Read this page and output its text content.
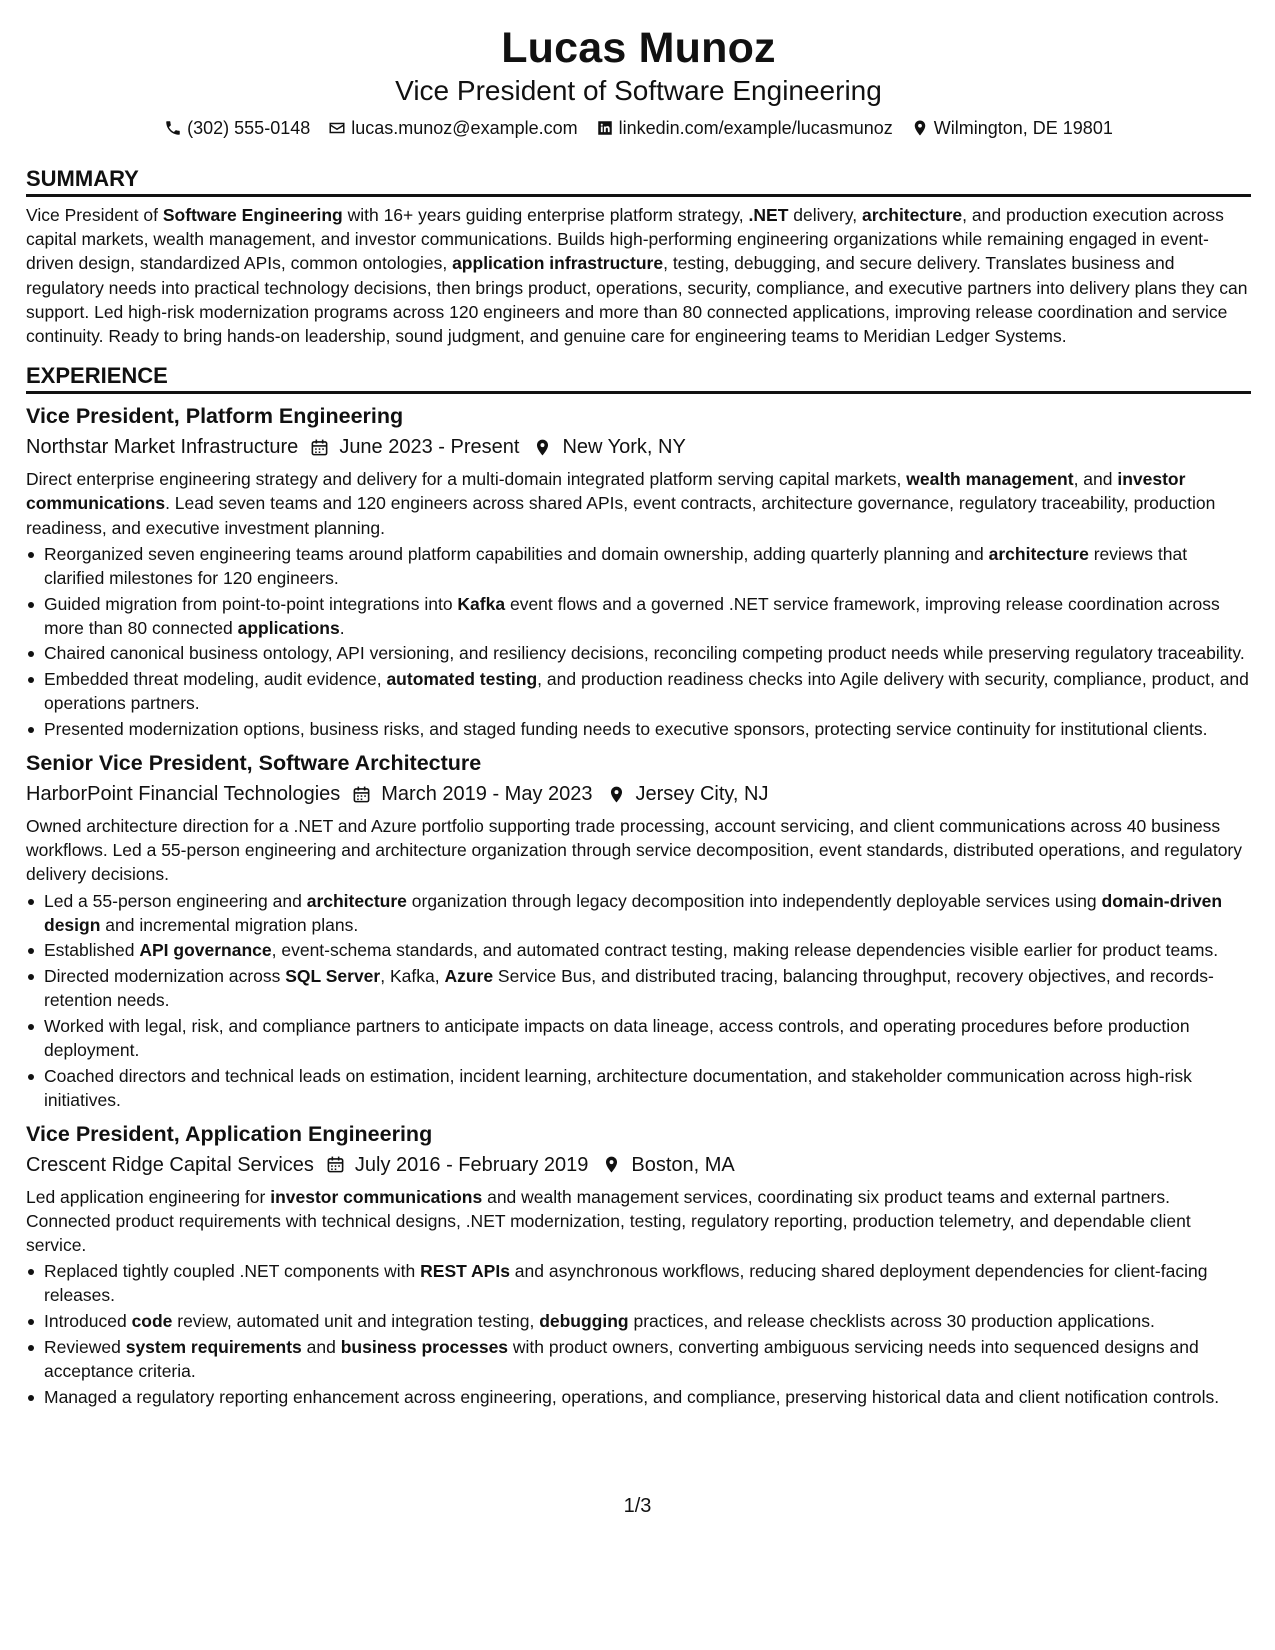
Lucas Munoz
Vice President of Software Engineering
(302) 555-0148 lucas.munoz@example.com linkedin.com/example/lucasmunoz Wilmington, DE 19801
SUMMARY

Vice President of Software Engineering with 16+ years guiding enterprise platform strategy, .NET delivery, architecture, and production execution across capital markets, wealth management, and investor communications. Builds high-performing engineering organizations while remaining engaged in event-driven design, standardized APIs, common ontologies, application infrastructure, testing, debugging, and secure delivery. Translates business and regulatory needs into practical technology decisions, then brings product, operations, security, compliance, and executive partners into delivery plans they can support. Led high-risk modernization programs across 120 engineers and more than 80 connected applications, improving release coordination and service continuity. Ready to bring hands-on leadership, sound judgment, and genuine care for engineering teams to Meridian Ledger Systems.

EXPERIENCE
Vice President, Platform Engineering
Northstar Market Infrastructure June 2023 - Present New York, NY

Direct enterprise engineering strategy and delivery for a multi-domain integrated platform serving capital markets, wealth management, and investor communications. Lead seven teams and 120 engineers across shared APIs, event contracts, architecture governance, regulatory traceability, production readiness, and executive investment planning.

Reorganized seven engineering teams around platform capabilities and domain ownership, adding quarterly planning and architecture reviews that clarified milestones for 120 engineers.
Guided migration from point-to-point integrations into Kafka event flows and a governed .NET service framework, improving release coordination across more than 80 connected applications.
Chaired canonical business ontology, API versioning, and resiliency decisions, reconciling competing product needs while preserving regulatory traceability.
Embedded threat modeling, audit evidence, automated testing, and production readiness checks into Agile delivery with security, compliance, product, and operations partners.
Presented modernization options, business risks, and staged funding needs to executive sponsors, protecting service continuity for institutional clients.
Senior Vice President, Software Architecture
HarborPoint Financial Technologies March 2019 - May 2023 Jersey City, NJ

Owned architecture direction for a .NET and Azure portfolio supporting trade processing, account servicing, and client communications across 40 business workflows. Led a 55-person engineering and architecture organization through service decomposition, event standards, distributed operations, and regulatory delivery decisions.

Led a 55-person engineering and architecture organization through legacy decomposition into independently deployable services using domain-driven design and incremental migration plans.
Established API governance, event-schema standards, and automated contract testing, making release dependencies visible earlier for product teams.
Directed modernization across SQL Server, Kafka, Azure Service Bus, and distributed tracing, balancing throughput, recovery objectives, and records-retention needs.
Worked with legal, risk, and compliance partners to anticipate impacts on data lineage, access controls, and operating procedures before production deployment.
Coached directors and technical leads on estimation, incident learning, architecture documentation, and stakeholder communication across high-risk initiatives.
Vice President, Application Engineering
Crescent Ridge Capital Services July 2016 - February 2019 Boston, MA

Led application engineering for investor communications and wealth management services, coordinating six product teams and external partners. Connected product requirements with technical designs, .NET modernization, testing, regulatory reporting, production telemetry, and dependable client service.

Replaced tightly coupled .NET components with REST APIs and asynchronous workflows, reducing shared deployment dependencies for client-facing releases.
Introduced code review, automated unit and integration testing, debugging practices, and release checklists across 30 production applications.
Reviewed system requirements and business processes with product owners, converting ambiguous servicing needs into sequenced designs and acceptance criteria.
Managed a regulatory reporting enhancement across engineering, operations, and compliance, preserving historical data and client notification controls.
1/3
